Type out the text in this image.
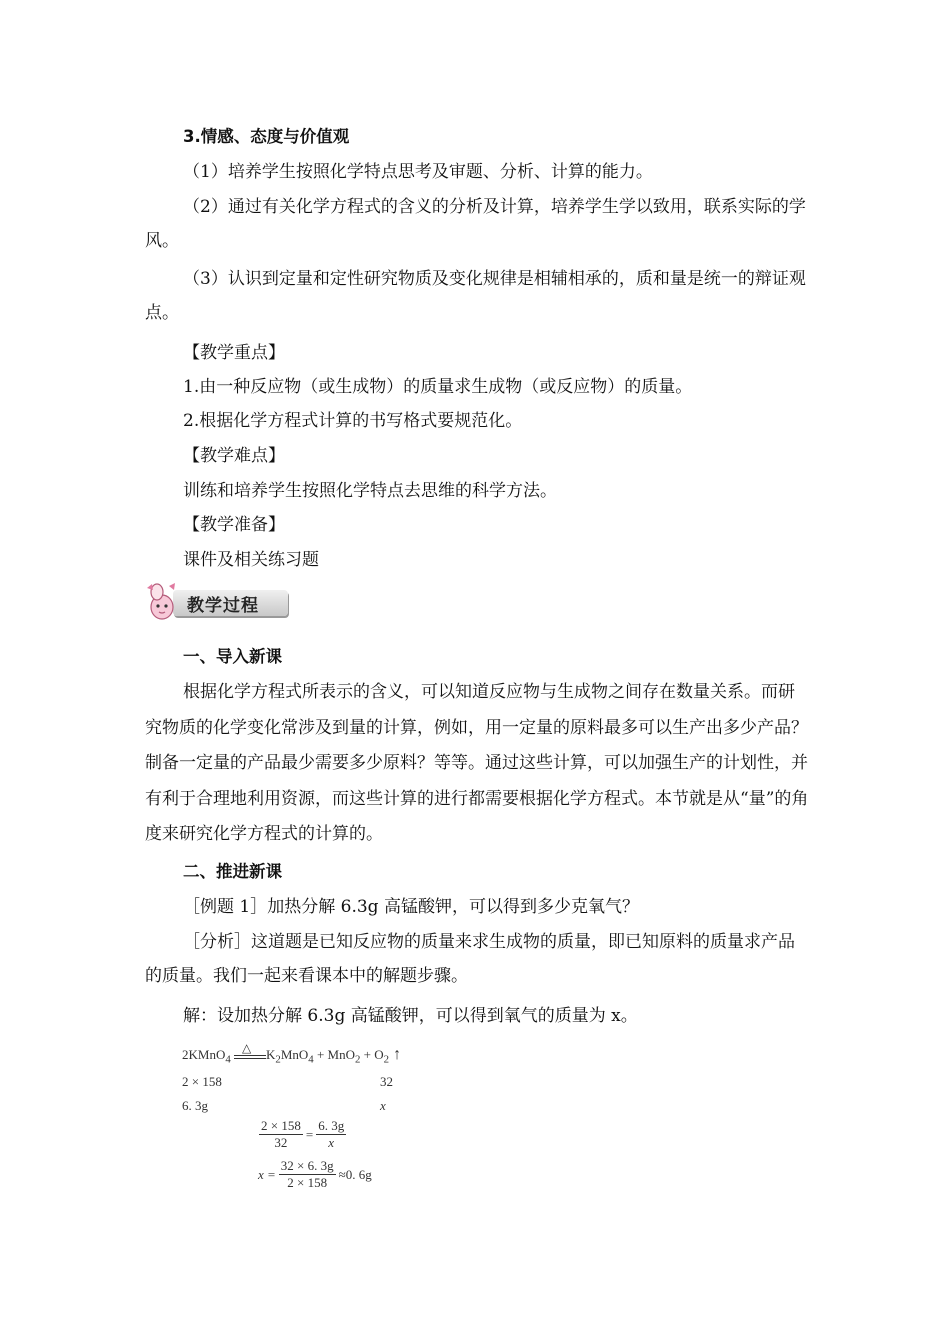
3.情感、态度与价值观

（1）培养学生按照化学特点思考及审题、分析、计算的能力。

（2）通过有关化学方程式的含义的分析及计算，培养学生学以致用，联系实际的学风。

（3）认识到定量和定性研究物质及变化规律是相辅相承的，质和量是统一的辩证观点。

【教学重点】

1.由一种反应物（或生成物）的质量求生成物（或反应物）的质量。

2.根据化学方程式计算的书写格式要规范化。

【教学难点】

训练和培养学生按照化学特点去思维的科学方法。

【教学准备】

课件及相关练习题

教学过程

一、导入新课

根据化学方程式所表示的含义，可以知道反应物与生成物之间存在数量关系。而研究物质的化学变化常涉及到量的计算，例如，用一定量的原料最多可以生产出多少产品？制备一定量的产品最少需要多少原料？等等。通过这些计算，可以加强生产的计划性，并有利于合理地利用资源，而这些计算的进行都需要根据化学方程式。本节就是从“量”的角度来研究化学方程式的计算的。

二、推进新课

［例题 1］加热分解 6.3g 高锰酸钾，可以得到多少克氧气？

［分析］这道题是已知反应物的质量来求生成物的质量，即已知原料的质量求产品的质量。我们一起来看课本中的解题步骤。

解：设加热分解 6.3g 高锰酸钾，可以得到氧气的质量为 x。

2KMnO$_4$
△ $K_2MnO_4 + MnO_2 + O_2$ ↑
2 × 158	32
6. 3g	x
$\frac{2 \times 158}{32} = \frac{6. 3g}{x}$
$x = \frac{32 \times 6. 3g}{2 \times 158} \approx 0$. 6g
